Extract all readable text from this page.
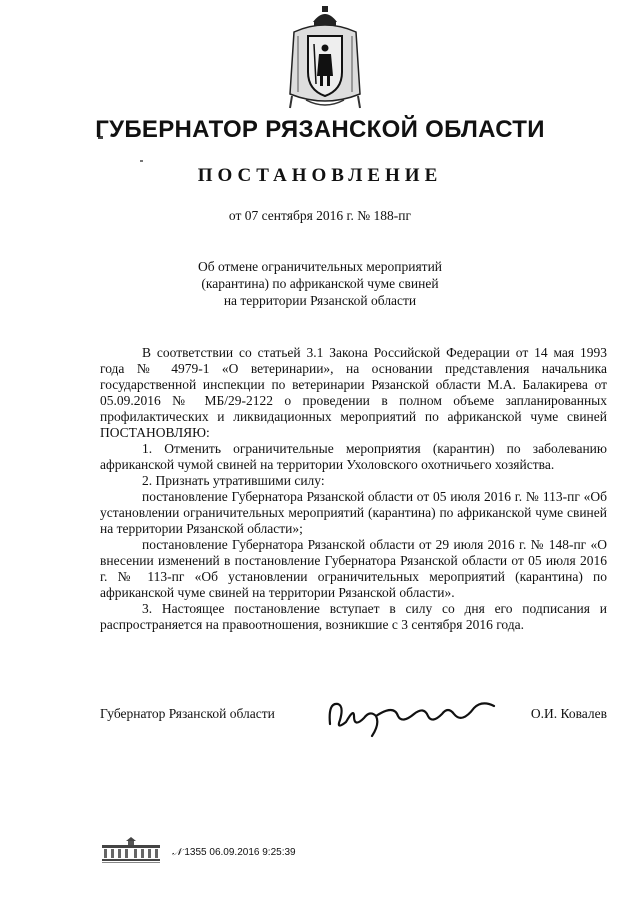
ГУБЕРНАТОР РЯЗАНСКОЙ ОБЛАСТИ
ПОСТАНОВЛЕНИЕ
от 07 сентября 2016 г. № 188-пг
Об отмене ограничительных мероприятий
(карантина) по африканской чуме свиней
на территории Рязанской области

В соответствии со статьей 3.1 Закона Российской Федерации от 14 мая 1993 года № 4979-1 «О ветеринарии», на основании представления начальника государственной инспекции по ветеринарии Рязанской области М.А. Балакирева от 05.09.2016 № МБ/29-2122 о проведении в полном объеме запланированных профилактических и ликвидационных мероприятий по африканской чуме свиней ПОСТАНОВЛЯЮ:

1. Отменить ограничительные мероприятия (карантин) по заболеванию африканской чумой свиней на территории Ухоловского охотничьего хозяйства.

2. Признать утратившими силу:

постановление Губернатора Рязанской области от 05 июля 2016 г. № 113-пг «Об установлении ограничительных мероприятий (карантина) по африканской чуме свиней на территории Рязанской области»;

постановление Губернатора Рязанской области от 29 июля 2016 г. № 148-пг «О внесении изменений в постановление Губернатора Рязанской области от 05 июля 2016 г. № 113-пг «Об установлении ограничительных мероприятий (карантина) по африканской чуме свиней на территории Рязанской области».

3. Настоящее постановление вступает в силу со дня его подписания и распространяется на правоотношения, возникшие с 3 сентября 2016 года.

Губернатор Рязанской области	О.И. Ковалев
𝒩 1355 06.09.2016 9:25:39
